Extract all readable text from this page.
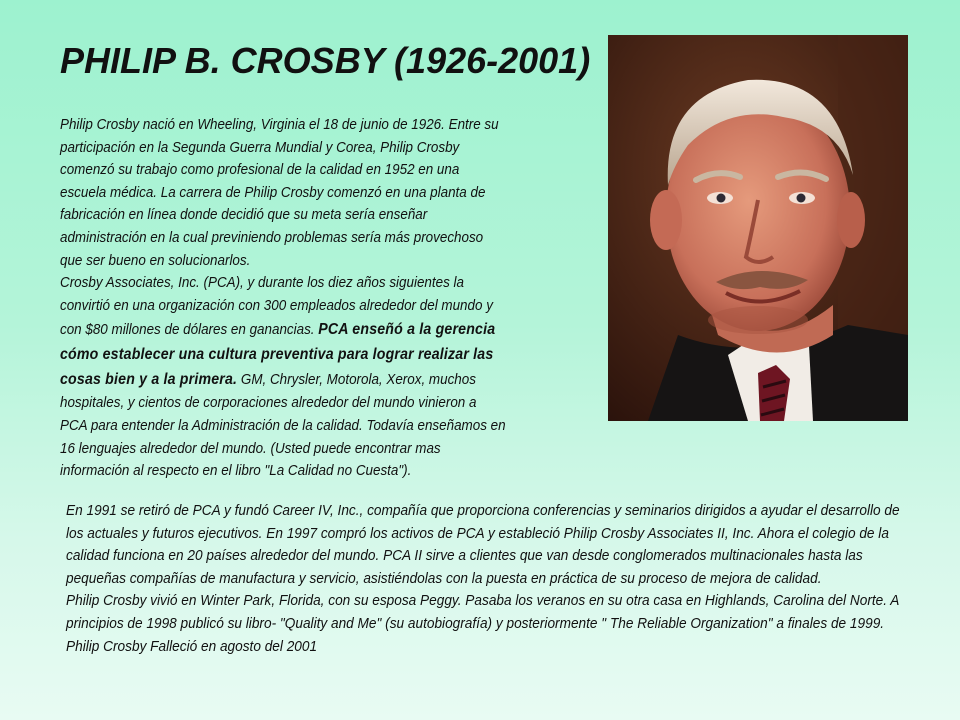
PHILIP B. CROSBY (1926-2001)

Philip Crosby nació en Wheeling, Virginia el 18 de junio de 1926. Entre su participación en la Segunda Guerra Mundial y Corea, Philip Crosby comenzó su trabajo como profesional de la calidad en 1952 en una escuela médica. La carrera de Philip Crosby comenzó en una planta de fabricación en línea donde decidió que su meta sería enseñar administración en la cual previniendo problemas sería más provechoso que ser bueno en solucionarlos.

Crosby Associates, Inc. (PCA), y durante los diez años siguientes la convirtió en una organización con 300 empleados alrededor del mundo y con $80 millones de dólares en ganancias. PCA enseñó a la gerencia cómo establecer una cultura preventiva para lograr realizar las cosas bien y a la primera. GM, Chrysler, Motorola, Xerox, muchos hospitales, y cientos de corporaciones alrededor del mundo vinieron a PCA para entender la Administración de la calidad. Todavía enseñamos en 16 lenguajes alrededor del mundo. (Usted puede encontrar mas información al respecto en el libro "La Calidad no Cuesta").

En 1991 se retiró de PCA y fundó Career IV, Inc., compañía que proporciona conferencias y seminarios dirigidos a ayudar el desarrollo de los actuales y futuros ejecutivos. En 1997 compró los activos de PCA y estableció Philip Crosby Associates II, Inc. Ahora el colegio de la calidad funciona en 20 países alrededor del mundo. PCA II sirve a clientes que van desde conglomerados multinacionales hasta las pequeñas compañías de manufactura y servicio, asistiéndolas con la puesta en práctica de su proceso de mejora de calidad.

Philip Crosby vivió en Winter Park, Florida, con su esposa Peggy. Pasaba los veranos en su otra casa en Highlands, Carolina del Norte. A principios de 1998 publicó su libro- "Quality and Me" (su autobiografía) y posteriormente " The Reliable Organization" a finales de 1999. Philip Crosby Falleció en agosto del 2001
